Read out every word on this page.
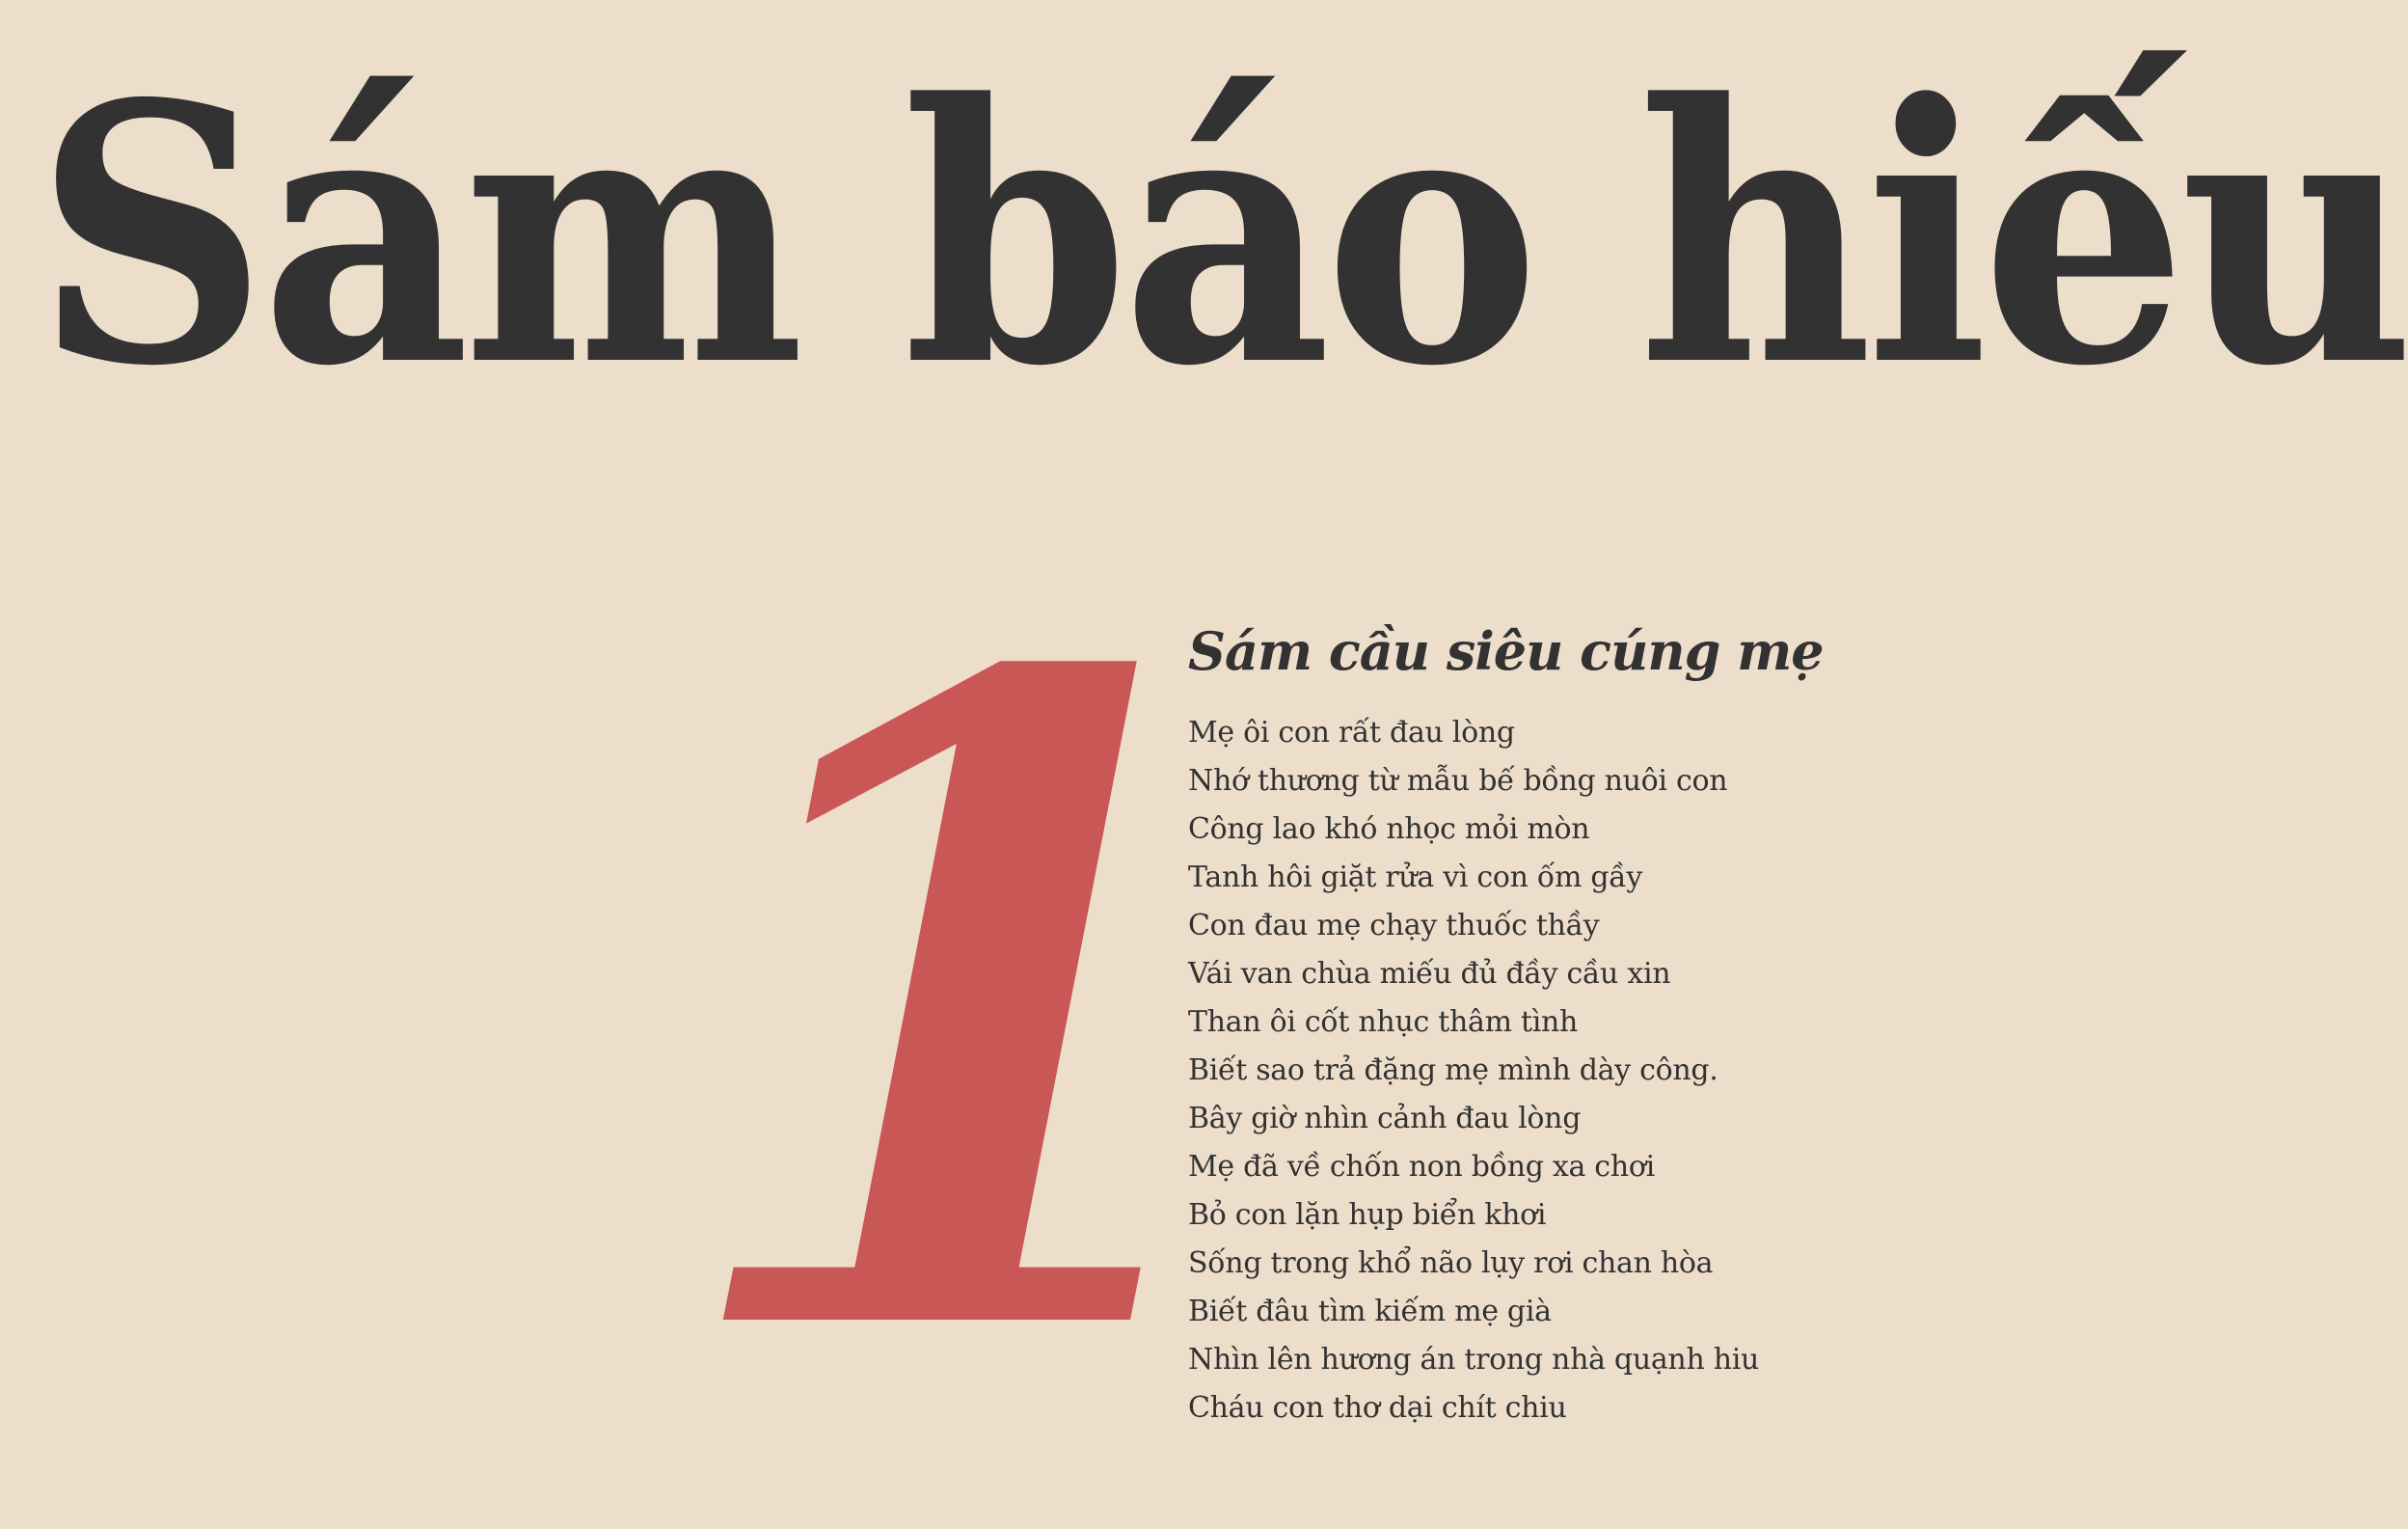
Sám báo hiếu
1
Sám cầu siêu cúng mẹ
Mẹ ôi con rất đau lòng
Nhớ thương từ mẫu bế bồng nuôi con
Công lao khó nhọc mỏi mòn
Tanh hôi giặt rửa vì con ốm gầy
Con đau mẹ chạy thuốc thầy
Vái van chùa miếu đủ đầy cầu xin
Than ôi cốt nhục thâm tình
Biết sao trả đặng mẹ mình dày công.
Bây giờ nhìn cảnh đau lòng
Mẹ đã về chốn non bồng xa chơi
Bỏ con lặn hụp biển khơi
Sống trong khổ não lụy rơi chan hòa
Biết đâu tìm kiếm mẹ già
Nhìn lên hương án trong nhà quạnh hiu
Cháu con thơ dại chít chiu
